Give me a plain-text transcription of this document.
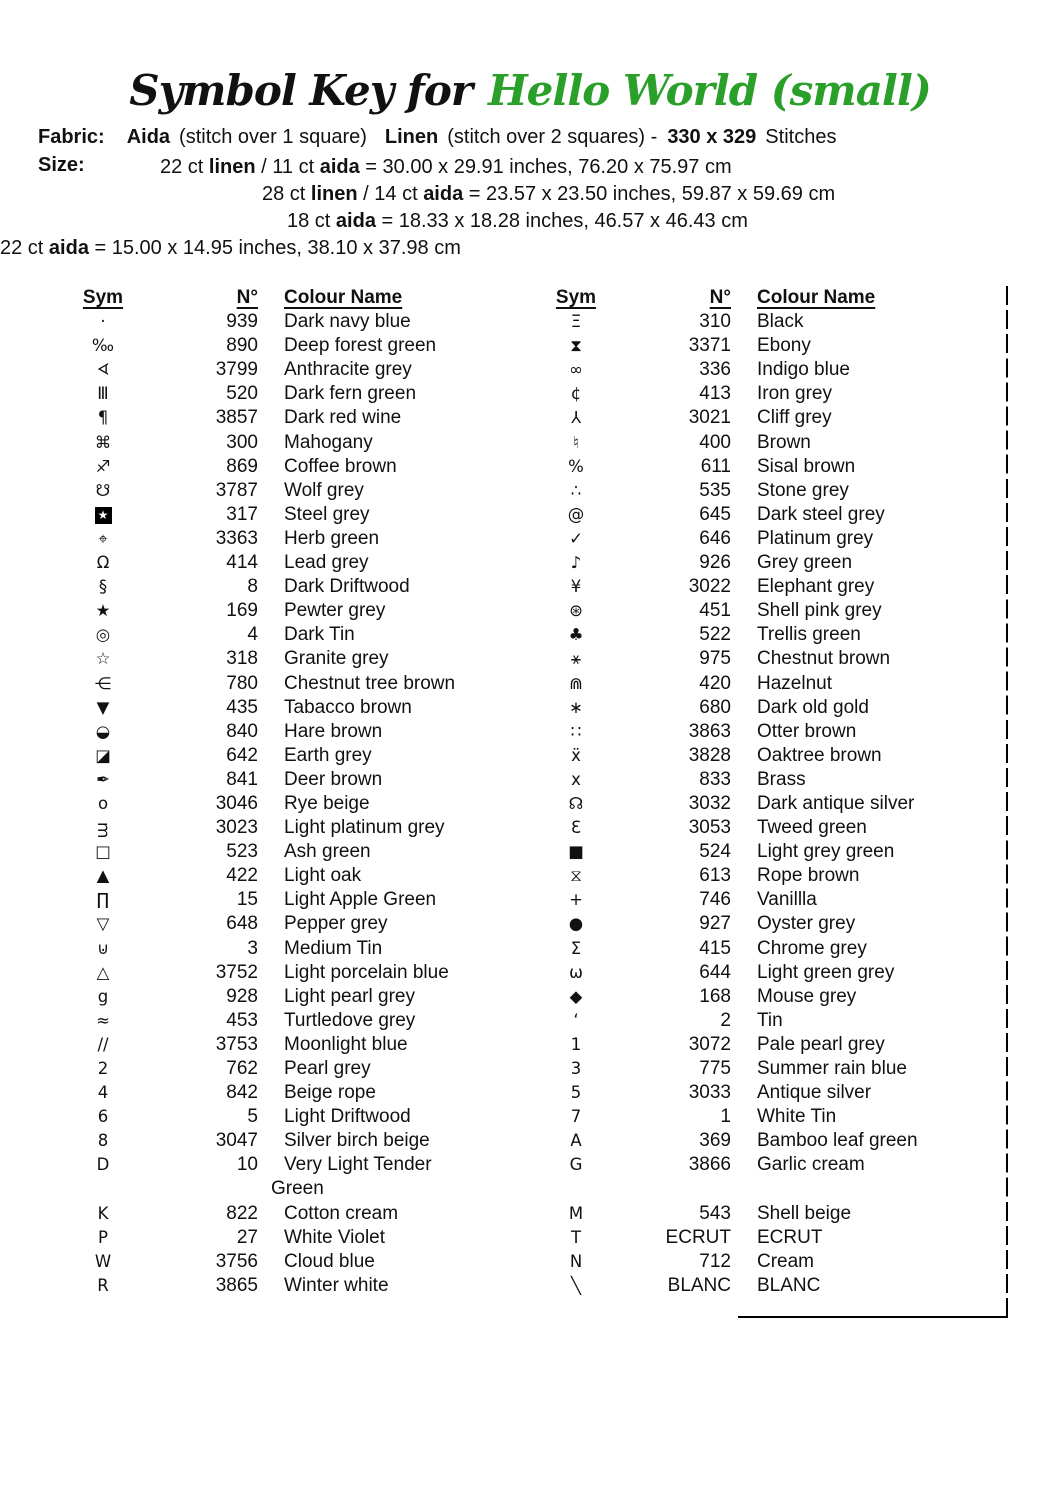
Symbol Key for Hello World (small)
Fabric: Aida (stitch over 1 square) Linen (stitch over 2 squares) - 330 x 329 Stitches
Size:	22 ct linen / 11 ct aida = 30.00 x 29.91 inches, 76.20 x 75.97 cm
28 ct linen / 14 ct aida = 23.57 x 23.50 inches, 59.87 x 59.69 cm
18 ct aida = 18.33 x 18.28 inches, 46.57 x 46.43 cm
22 ct aida = 15.00 x 14.95 inches, 38.10 x 37.98 cm
Sym	N° Colour Name
·	939	Dark navy blue
‰	890	Deep forest green
ᗏ	3799	Anthracite grey
Ⅲ	520	Dark fern green
¶	3857	Dark red wine
⌘	300	Mahogany
♐	869	Coffee brown
☋	3787	Wolf grey
★	317	Steel grey
⌖	3363	Herb green
Ω	414	Lead grey
§	8	Dark Driftwood
★	169	Pewter grey
◎	4	Dark Tin
☆	318	Granite grey
⋲	780	Chestnut tree brown
▼	435	Tabacco brown
◒	840	Hare brown
◪	642	Earth grey
✒	841	Deer brown
o	3046	Rye beige
ᴟ	3023	Light platinum grey
□	523	Ash green
▲	422	Light oak
∏	15	Light Apple Green
▽	648	Pepper grey
⊍	3	Medium Tin
△	3752	Light porcelain blue
g	928	Light pearl grey
≈	453	Turtledove grey
//	3753	Moonlight blue
2	762	Pearl grey
4	842	Beige rope
6	5	Light Driftwood
8	3047	Silver birch beige
D	10	Very Light Tender
Green
K	822	Cotton cream
P	27	White Violet
W	3756	Cloud blue
R	3865	Winter white
Sym	N° Colour Name
Ξ	310	Black
⧗	3371	Ebony
∞	336	Indigo blue
¢	413	Iron grey
⅄	3021	Cliff grey
♮	400	Brown
%	611	Sisal brown
∴	535	Stone grey
@	645	Dark steel grey
✓	646	Platinum grey
♪	926	Grey green
¥	3022	Elephant grey
⊛	451	Shell pink grey
♣	522	Trellis green
⚹	975	Chestnut brown
⋒	420	Hazelnut
∗	680	Dark old gold
∷	3863	Otter brown
ẍ	3828	Oaktree brown
x	833	Brass
☊	3032	Dark antique silver
Ɛ	3053	Tweed green
■	524	Light grey green
⧖	613	Rope brown
+	746	Vanillla
●	927	Oyster grey
Σ	415	Chrome grey
ω	644	Light green grey
◆	168	Mouse grey
ʻ	2	Tin
1	3072	Pale pearl grey
3	775	Summer rain blue
5	3033	Antique silver
7	1	White Tin
A	369	Bamboo leaf green
G	3866	Garlic cream
M	543	Shell beige
T	ECRUT	ECRUT
N	712	Cream
╲	BLANC	BLANC
